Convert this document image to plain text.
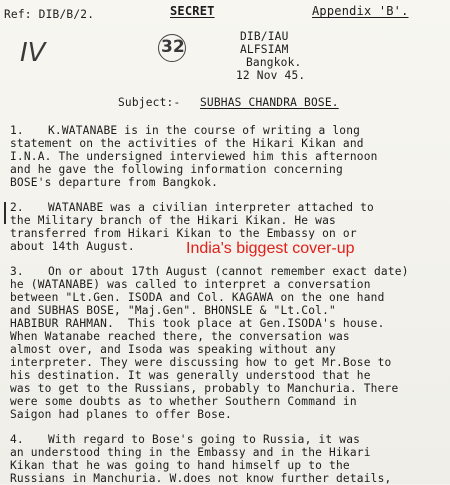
Ref: DIB/B/2.	SECRET	Appendix 'B'.
IV	32
DIB/IAU
ALFSIAM
Bangkok.
12 Nov 45.
Subject:- SUBHAS CHANDRA BOSE.
1. K.WATANABE is in the course of writing a long
statement on the activities of the Hikari Kikan and
I.N.A. The undersigned interviewed him this afternoon
and he gave the following information concerning
BOSE's departure from Bangkok.
2. WATANABE was a civilian interpreter attached to
the Military branch of the Hikari Kikan. He was
transferred from Hikari Kikan to the Embassy on or
about 14th August.	India's biggest cover-up
3. On or about 17th August (cannot remember exact date)
he (WATANABE) was called to interpret a conversation
between "Lt.Gen. ISODA and Col. KAGAWA on the one hand
and SUBHAS BOSE, "Maj.Gen". BHONSLE & "Lt.Col."
HABIBUR RAHMAN.  This took place at Gen.ISODA's house.
When Watanabe reached there, the conversation was
almost over, and Isoda was speaking without any
interpreter. They were discussing how to get Mr.Bose to
his destination. It was generally understood that he
was to get to the Russians, probably to Manchuria. There
were some doubts as to whether Southern Command in
Saigon had planes to offer Bose.
4. With regard to Bose's going to Russia, it was
an understood thing in the Embassy and in the Hikari
Kikan that he was going to hand himself up to the
Russians in Manchuria. W.does not know further details,
